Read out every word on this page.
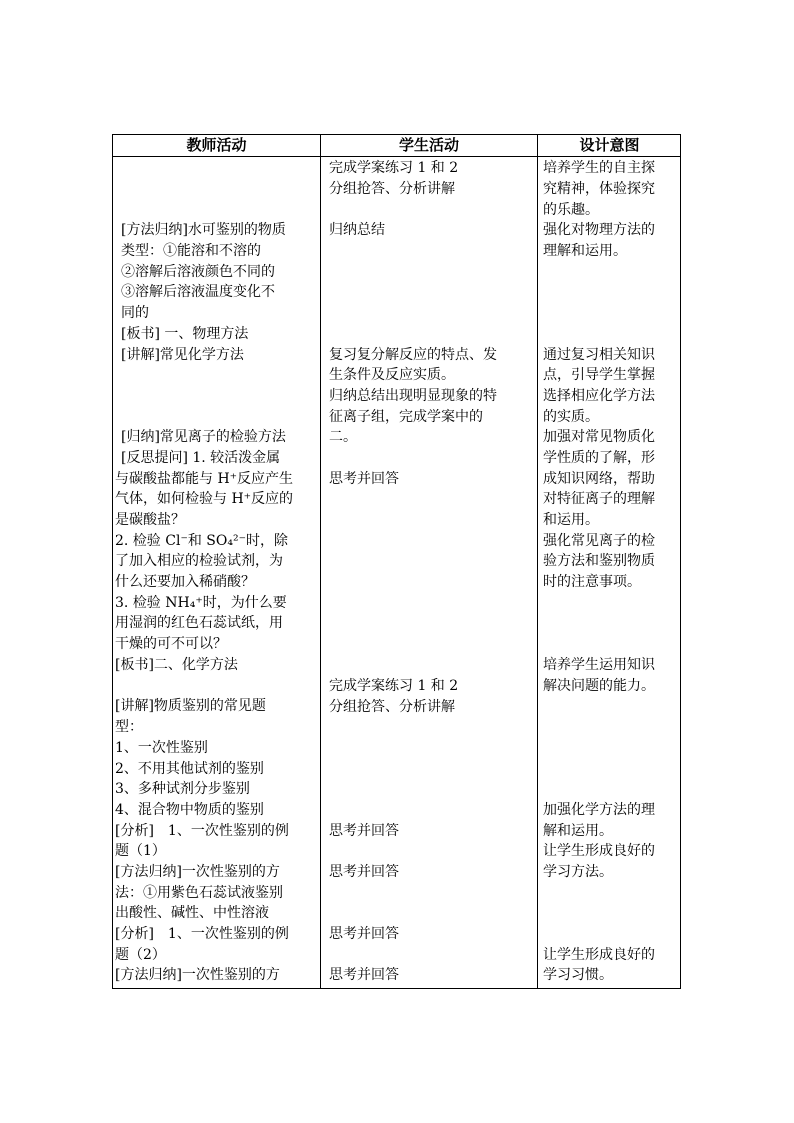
教师活动	学生活动	设计意图
[方法归纳]水可鉴别的物质
类型：①能溶和不溶的
②溶解后溶液颜色不同的
③溶解后溶液温度变化不
同的
[板书] 一、物理方法
[讲解]常见化学方法
[归纳]常见离子的检验方法
[反思提问] 1. 较活泼金属
与碳酸盐都能与 H⁺反应产生
气体，如何检验与 H⁺反应的
是碳酸盐？
2. 检验 Cl⁻和 SO₄²⁻时，除
了加入相应的检验试剂，为
什么还要加入稀硝酸？
3. 检验 NH₄⁺时，为什么要
用湿润的红色石蕊试纸，用
干燥的可不可以？
[板书]二、化学方法
[讲解]物质鉴别的常见题
型：
1、一次性鉴别
2、不用其他试剂的鉴别
3、多种试剂分步鉴别
4、混合物中物质的鉴别
[分析]　1、一次性鉴别的例
题（1）
[方法归纳]一次性鉴别的方
法：①用紫色石蕊试液鉴别
出酸性、碱性、中性溶液
[分析]　1、一次性鉴别的例
题（2）
[方法归纳]一次性鉴别的方
完成学案练习 1 和 2
分组抢答、分析讲解
归纳总结
复习复分解反应的特点、发
生条件及反应实质。
归纳总结出现明显现象的特
征离子组，完成学案中的
二。
思考并回答
完成学案练习 1 和 2
分组抢答、分析讲解
思考并回答
思考并回答
思考并回答
思考并回答
培养学生的自主探
究精神，体验探究
的乐趣。
强化对物理方法的
理解和运用。
通过复习相关知识
点，引导学生掌握
选择相应化学方法
的实质。
加强对常见物质化
学性质的了解，形
成知识网络，帮助
对特征离子的理解
和运用。
强化常见离子的检
验方法和鉴别物质
时的注意事项。
培养学生运用知识
解决问题的能力。
加强化学方法的理
解和运用。
让学生形成良好的
学习方法。
让学生形成良好的
学习习惯。
